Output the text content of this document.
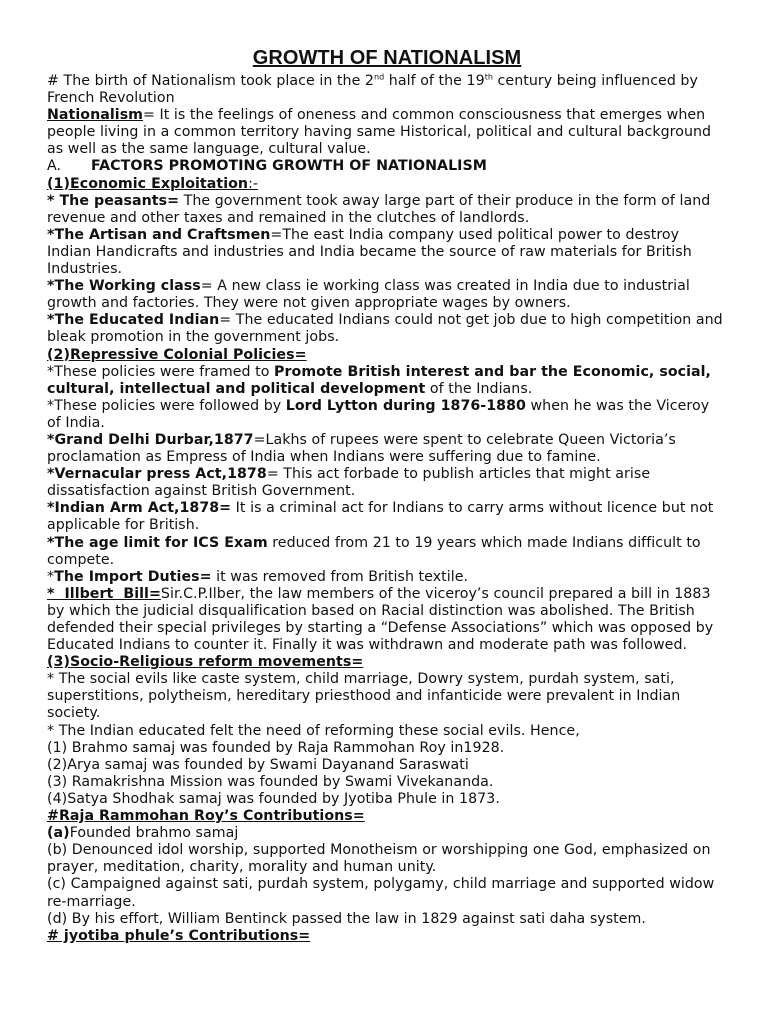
GROWTH OF NATIONALISM

# The birth of Nationalism took place in the 2nd half of the 19th century being influenced by French Revolution

Nationalism= It is the feelings of oneness and common consciousness that emerges when people living in a common territory having same Historical, political and cultural background as well as the same language, cultural value.

A. FACTORS PROMOTING GROWTH OF NATIONALISM

(1)Economic Exploitation:-

* The peasants= The government took away large part of their produce in the form of land revenue and other taxes and remained in the clutches of landlords.

*The Artisan and Craftsmen=The east India company used political power to destroy Indian Handicrafts and industries and India became the source of raw materials for British Industries.

*The Working class= A new class ie working class was created in India due to industrial growth and factories. They were not given appropriate wages by owners.

*The Educated Indian= The educated Indians could not get job due to high competition and bleak promotion in the government jobs.

(2)Repressive Colonial Policies=

*These policies were framed to Promote British interest and bar the Economic, social, cultural, intellectual and political development of the Indians.

*These policies were followed by Lord Lytton during 1876-1880 when he was the Viceroy of India.

*Grand Delhi Durbar,1877=Lakhs of rupees were spent to celebrate Queen Victoria’s proclamation as Empress of India when Indians were suffering due to famine.

*Vernacular press Act,1878= This act forbade to publish articles that might arise dissatisfaction against British Government.

*Indian Arm Act,1878= It is a criminal act for Indians to carry arms without licence but not applicable for British.

*The age limit for ICS Exam reduced from 21 to 19 years which made Indians difficult to compete.

*The Import Duties= it was removed from British textile.

*  Illbert  Bill=Sir.C.P.Ilber, the law members of the viceroy’s council prepared a bill in 1883 by which the judicial disqualification based on Racial distinction was abolished. The British defended their special privileges by starting a “Defense Associations” which was opposed by Educated Indians to counter it. Finally it was withdrawn and moderate path was followed.

(3)Socio-Religious reform movements=

* The social evils like caste system, child marriage, Dowry system, purdah system, sati, superstitions, polytheism, hereditary priesthood and infanticide were prevalent in Indian society.

* The Indian educated felt the need of reforming these social evils. Hence,

(1) Brahmo samaj was founded by Raja Rammohan Roy in1928.

(2)Arya samaj was founded by Swami Dayanand Saraswati

(3) Ramakrishna Mission was founded by Swami Vivekananda.

(4)Satya Shodhak samaj was founded by Jyotiba Phule in 1873.

#Raja Rammohan Roy’s Contributions=

(a)Founded brahmo samaj

(b) Denounced idol worship, supported Monotheism or worshipping one God, emphasized on prayer, meditation, charity, morality and human unity.

(c) Campaigned against sati, purdah system, polygamy, child marriage and supported widow re-marriage.

(d) By his effort, William Bentinck passed the law in 1829 against sati daha system.

# jyotiba phule’s Contributions=
